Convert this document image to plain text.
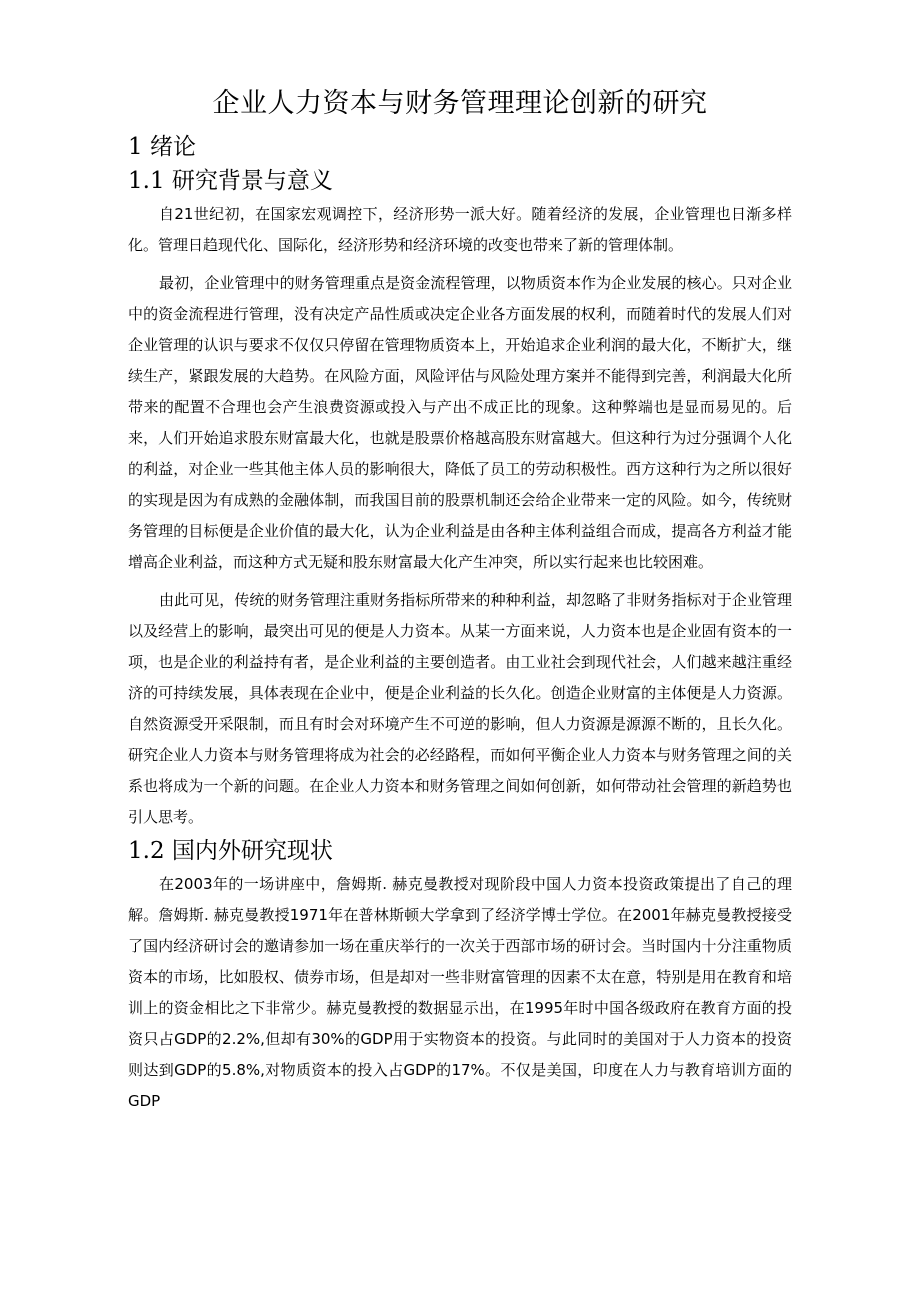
企业人力资本与财务管理理论创新的研究
1 绪论
1.1 研究背景与意义

自21世纪初，在国家宏观调控下，经济形势一派大好。随着经济的发展，企业管理也日渐多样化。管理日趋现代化、国际化，经济形势和经济环境的改变也带来了新的管理体制。

最初，企业管理中的财务管理重点是资金流程管理，以物质资本作为企业发展的核心。只对企业中的资金流程进行管理，没有决定产品性质或决定企业各方面发展的权利，而随着时代的发展人们对企业管理的认识与要求不仅仅只停留在管理物质资本上，开始追求企业利润的最大化，不断扩大，继续生产，紧跟发展的大趋势。在风险方面，风险评估与风险处理方案并不能得到完善，利润最大化所带来的配置不合理也会产生浪费资源或投入与产出不成正比的现象。这种弊端也是显而易见的。后来，人们开始追求股东财富最大化，也就是股票价格越高股东财富越大。但这种行为过分强调个人化的利益，对企业一些其他主体人员的影响很大，降低了员工的劳动积极性。西方这种行为之所以很好的实现是因为有成熟的金融体制，而我国目前的股票机制还会给企业带来一定的风险。如今，传统财务管理的目标便是企业价值的最大化，认为企业利益是由各种主体利益组合而成，提高各方利益才能增高企业利益，而这种方式无疑和股东财富最大化产生冲突，所以实行起来也比较困难。

由此可见，传统的财务管理注重财务指标所带来的种种利益，却忽略了非财务指标对于企业管理以及经营上的影响，最突出可见的便是人力资本。从某一方面来说，人力资本也是企业固有资本的一项，也是企业的利益持有者，是企业利益的主要创造者。由工业社会到现代社会，人们越来越注重经济的可持续发展，具体表现在企业中，便是企业利益的长久化。创造企业财富的主体便是人力资源。自然资源受开采限制，而且有时会对环境产生不可逆的影响，但人力资源是源源不断的，且长久化。研究企业人力资本与财务管理将成为社会的必经路程，而如何平衡企业人力资本与财务管理之间的关系也将成为一个新的问题。在企业人力资本和财务管理之间如何创新，如何带动社会管理的新趋势也引人思考。

1.2 国内外研究现状

在2003年的一场讲座中，詹姆斯. 赫克曼教授对现阶段中国人力资本投资政策提出了自己的理解。詹姆斯. 赫克曼教授1971年在普林斯顿大学拿到了经济学博士学位。在2001年赫克曼教授接受了国内经济研讨会的邀请参加一场在重庆举行的一次关于西部市场的研讨会。当时国内十分注重物质资本的市场，比如股权、债券市场，但是却对一些非财富管理的因素不太在意，特别是用在教育和培训上的资金相比之下非常少。赫克曼教授的数据显示出，在1995年时中国各级政府在教育方面的投资只占GDP的2.2%,但却有30%的GDP用于实物资本的投资。与此同时的美国对于人力资本的投资则达到GDP的5.8%,对物质资本的投入占GDP的17%。不仅是美国，印度在人力与教育培训方面的GDP
